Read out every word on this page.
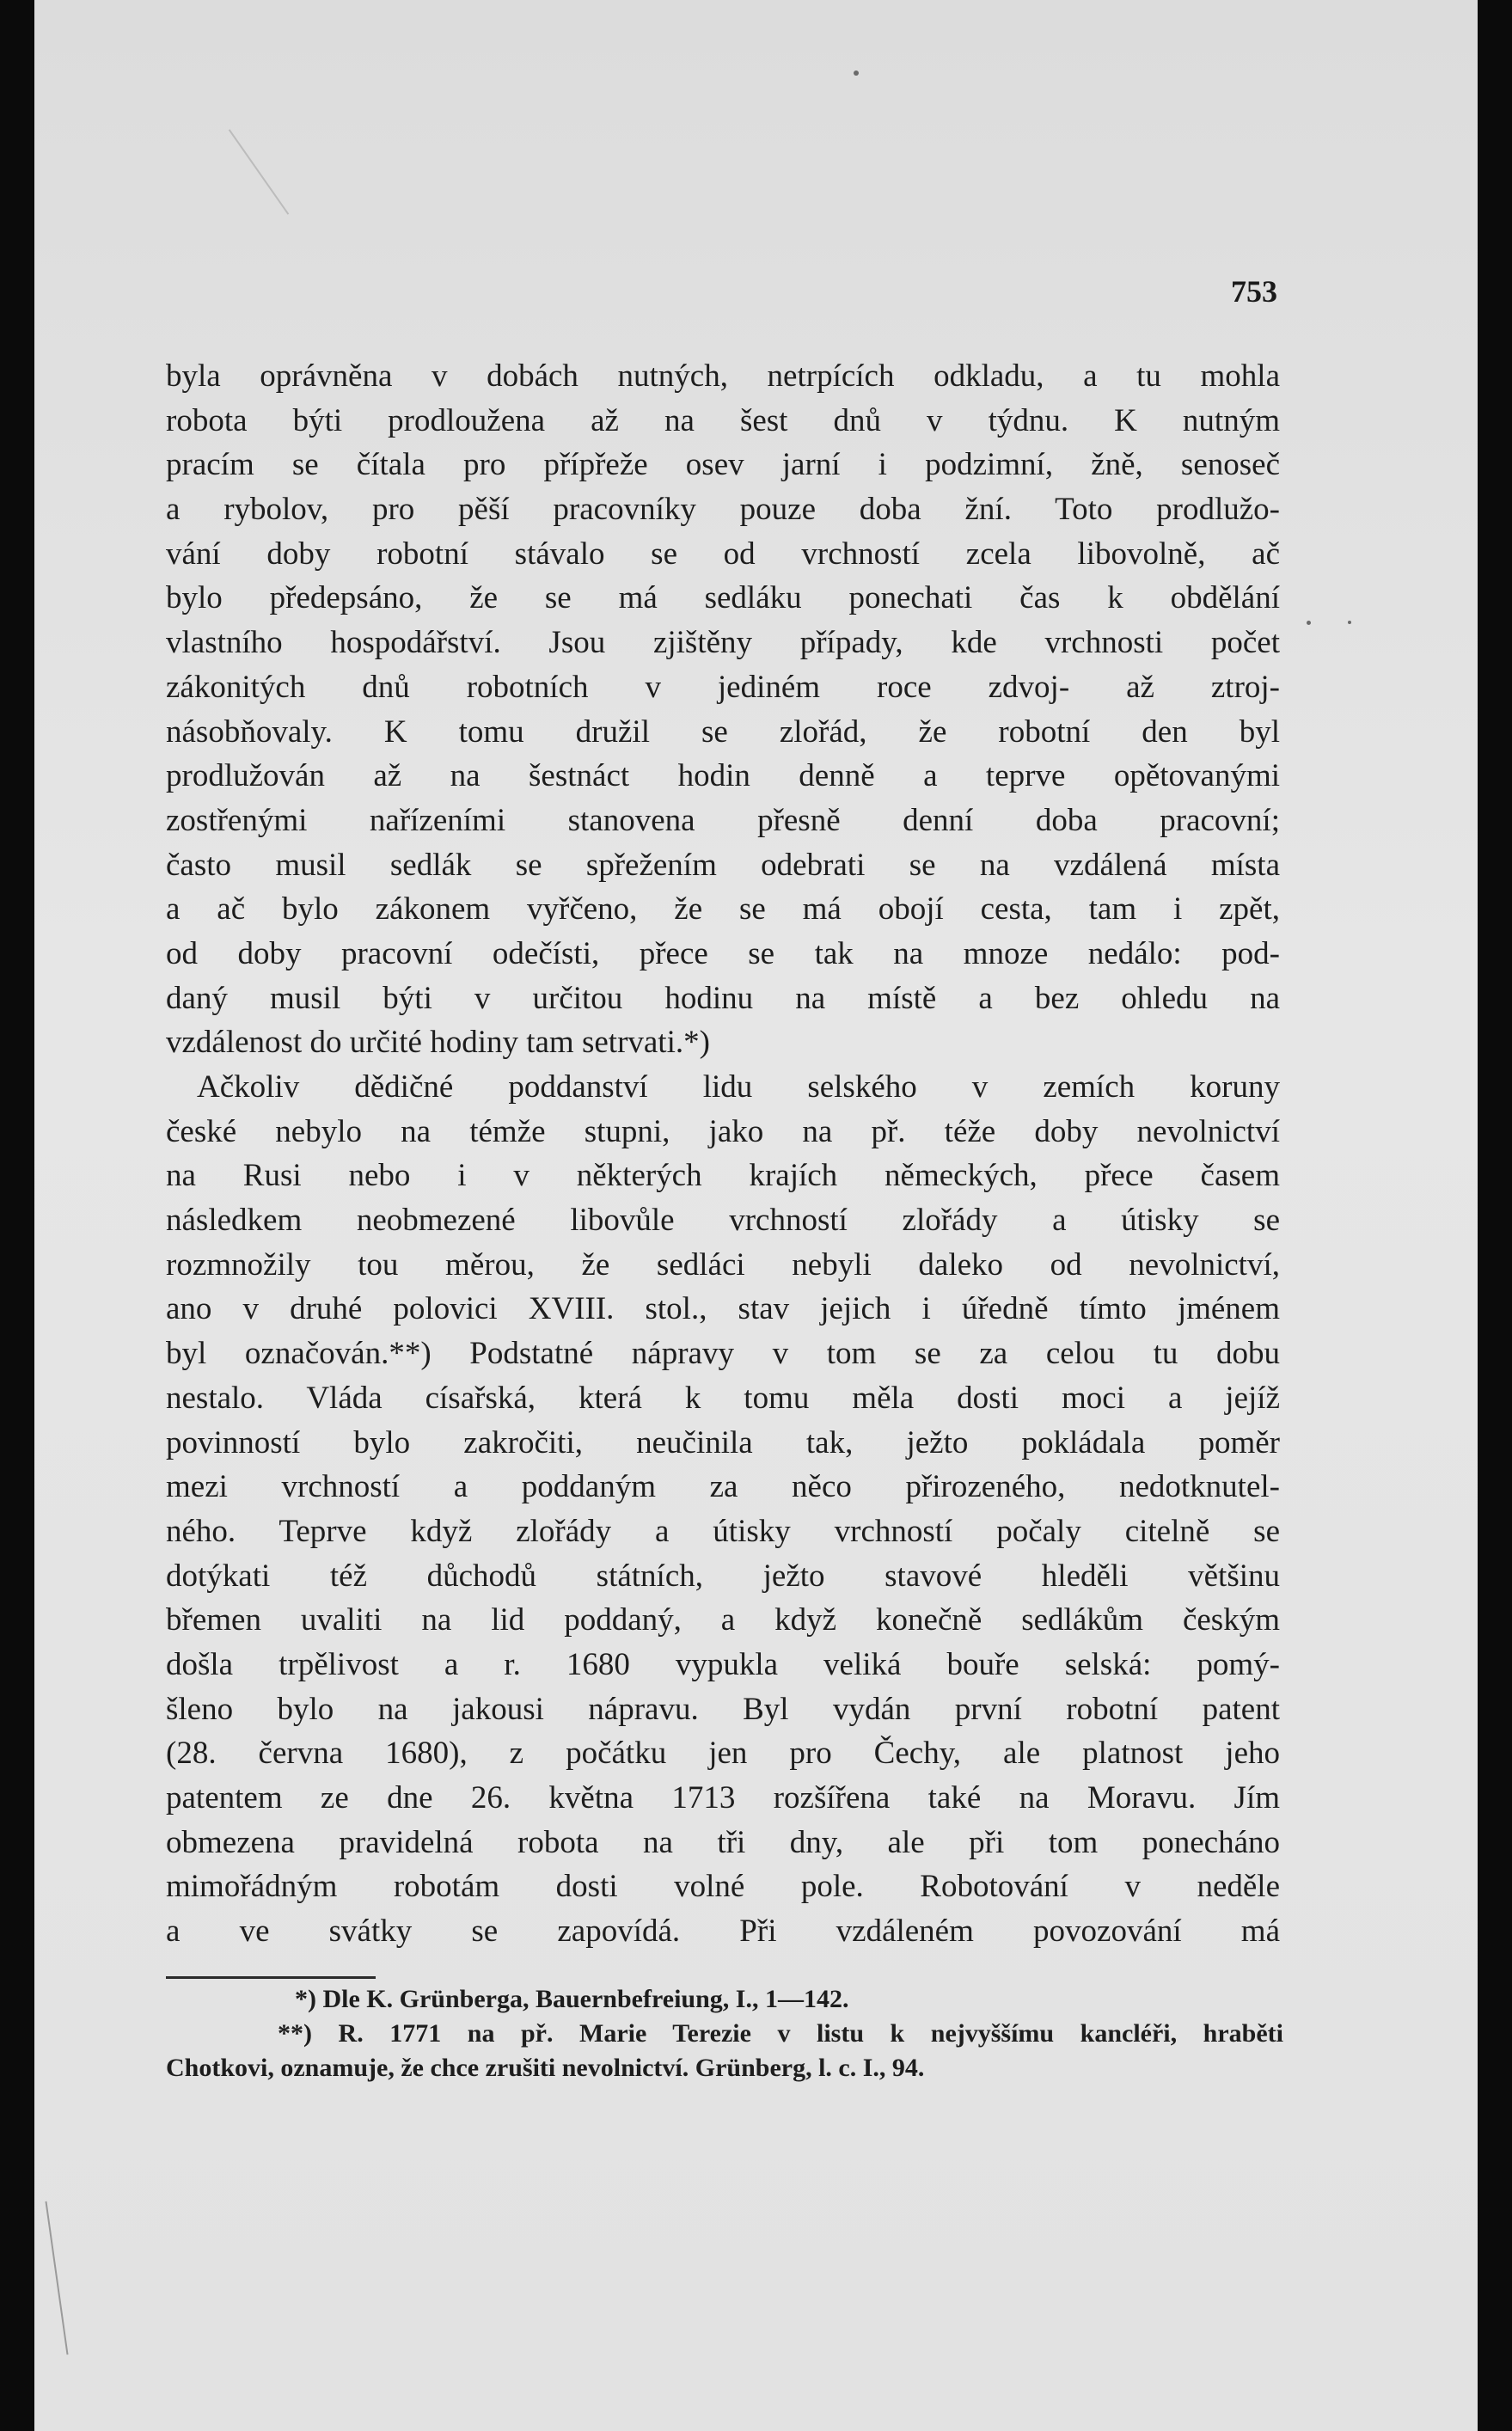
753
byla oprávněna v dobách nutných, netrpících odkladu, a tu mohla
robota býti prodloužena až na šest dnů v týdnu. K nutným
pracím se čítala pro přípřeže osev jarní i podzimní, žně, senoseč
a rybolov, pro pěší pracovníky pouze doba žní. Toto prodlužo-
vání doby robotní stávalo se od vrchností zcela libovolně, ač
bylo předepsáno, že se má sedláku ponechati čas k obdělání
vlastního hospodářství. Jsou zjištěny případy, kde vrchnosti počet
zákonitých dnů robotních v jediném roce zdvoj- až ztroj-
násobňovaly. K tomu družil se zlořád, že robotní den byl
prodlužován až na šestnáct hodin denně a teprve opětovanými
zostřenými nařízeními stanovena přesně denní doba pracovní;
často musil sedlák se spřežením odebrati se na vzdálená místa
a ač bylo zákonem vyřčeno, že se má obojí cesta, tam i zpět,
od doby pracovní odečísti, přece se tak na mnoze nedálo: pod-
daný musil býti v určitou hodinu na místě a bez ohledu na
vzdálenost do určité hodiny tam setrvati.*)
Ačkoliv dědičné poddanství lidu selského v zemích koruny
české nebylo na témže stupni, jako na př. téže doby nevolnictví
na Rusi nebo i v některých krajích německých, přece časem
následkem neobmezené libovůle vrchností zlořády a útisky se
rozmnožily tou měrou, že sedláci nebyli daleko od nevolnictví,
ano v druhé polovici XVIII. stol., stav jejich i úředně tímto jménem
byl označován.**) Podstatné nápravy v tom se za celou tu dobu
nestalo. Vláda císařská, která k tomu měla dosti moci a jejíž
povinností bylo zakročiti, neučinila tak, ježto pokládala poměr
mezi vrchností a poddaným za něco přirozeného, nedotknutel-
ného. Teprve když zlořády a útisky vrchností počaly citelně se
dotýkati též důchodů státních, ježto stavové hleděli většinu
břemen uvaliti na lid poddaný, a když konečně sedlákům českým
došla trpělivost a r. 1680 vypukla veliká bouře selská: pomý-
šleno bylo na jakousi nápravu. Byl vydán první robotní patent
(28. června 1680), z počátku jen pro Čechy, ale platnost jeho
patentem ze dne 26. května 1713 rozšířena také na Moravu. Jím
obmezena pravidelná robota na tři dny, ale při tom ponecháno
mimořádným robotám dosti volné pole. Robotování v neděle
a ve svátky se zapovídá. Při vzdáleném povozování má
*) Dle K. Grünberga, Bauernbefreiung, I., 1—142.
**) R. 1771 na př. Marie Terezie v listu k nejvyššímu kancléři, hraběti
Chotkovi, oznamuje, že chce zrušiti nevolnictví. Grünberg, l. c. I., 94.
